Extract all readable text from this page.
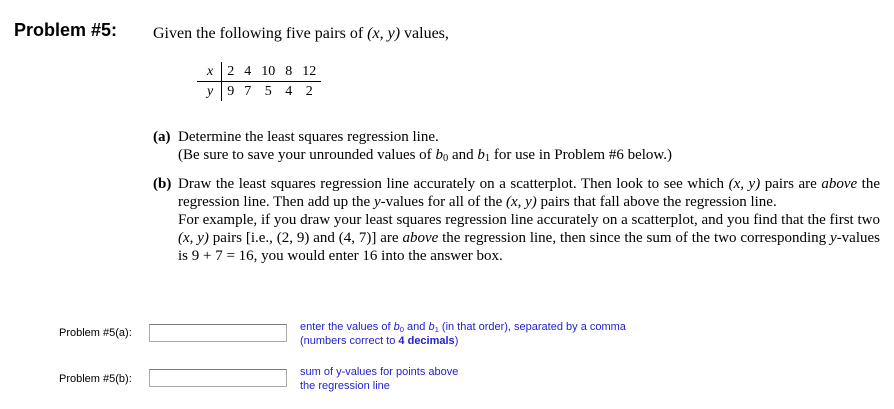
Problem #5: Given the following five pairs of (x, y) values,
x	2	4	10	8	12
y	9	7	5	4	2
(a) Determine the least squares regression line.
(Be sure to save your unrounded values of $b_0$ and $b_1$ for use in Problem #6 below.)
(b) Draw the least squares regression line accurately on a scatterplot. Then look to see which (x, y) pairs are above the regression line. Then add up the y-values for all of the (x, y) pairs that fall above the regression line.
For example, if you draw your least squares regression line accurately on a scatterplot, and you find that the first two (x, y) pairs [i.e., (2, 9) and (4, 7)] are above the regression line, then since the sum of the two corresponding y-values is 9 + 7 = 16, you would enter 16 into the answer box.
Problem #5(a):	enter the values of $b_0$ and $b_1$ (in that order), separated by a comma
(numbers correct to 4 decimals)
Problem #5(b):
sum of y-values for points above
the regression line
